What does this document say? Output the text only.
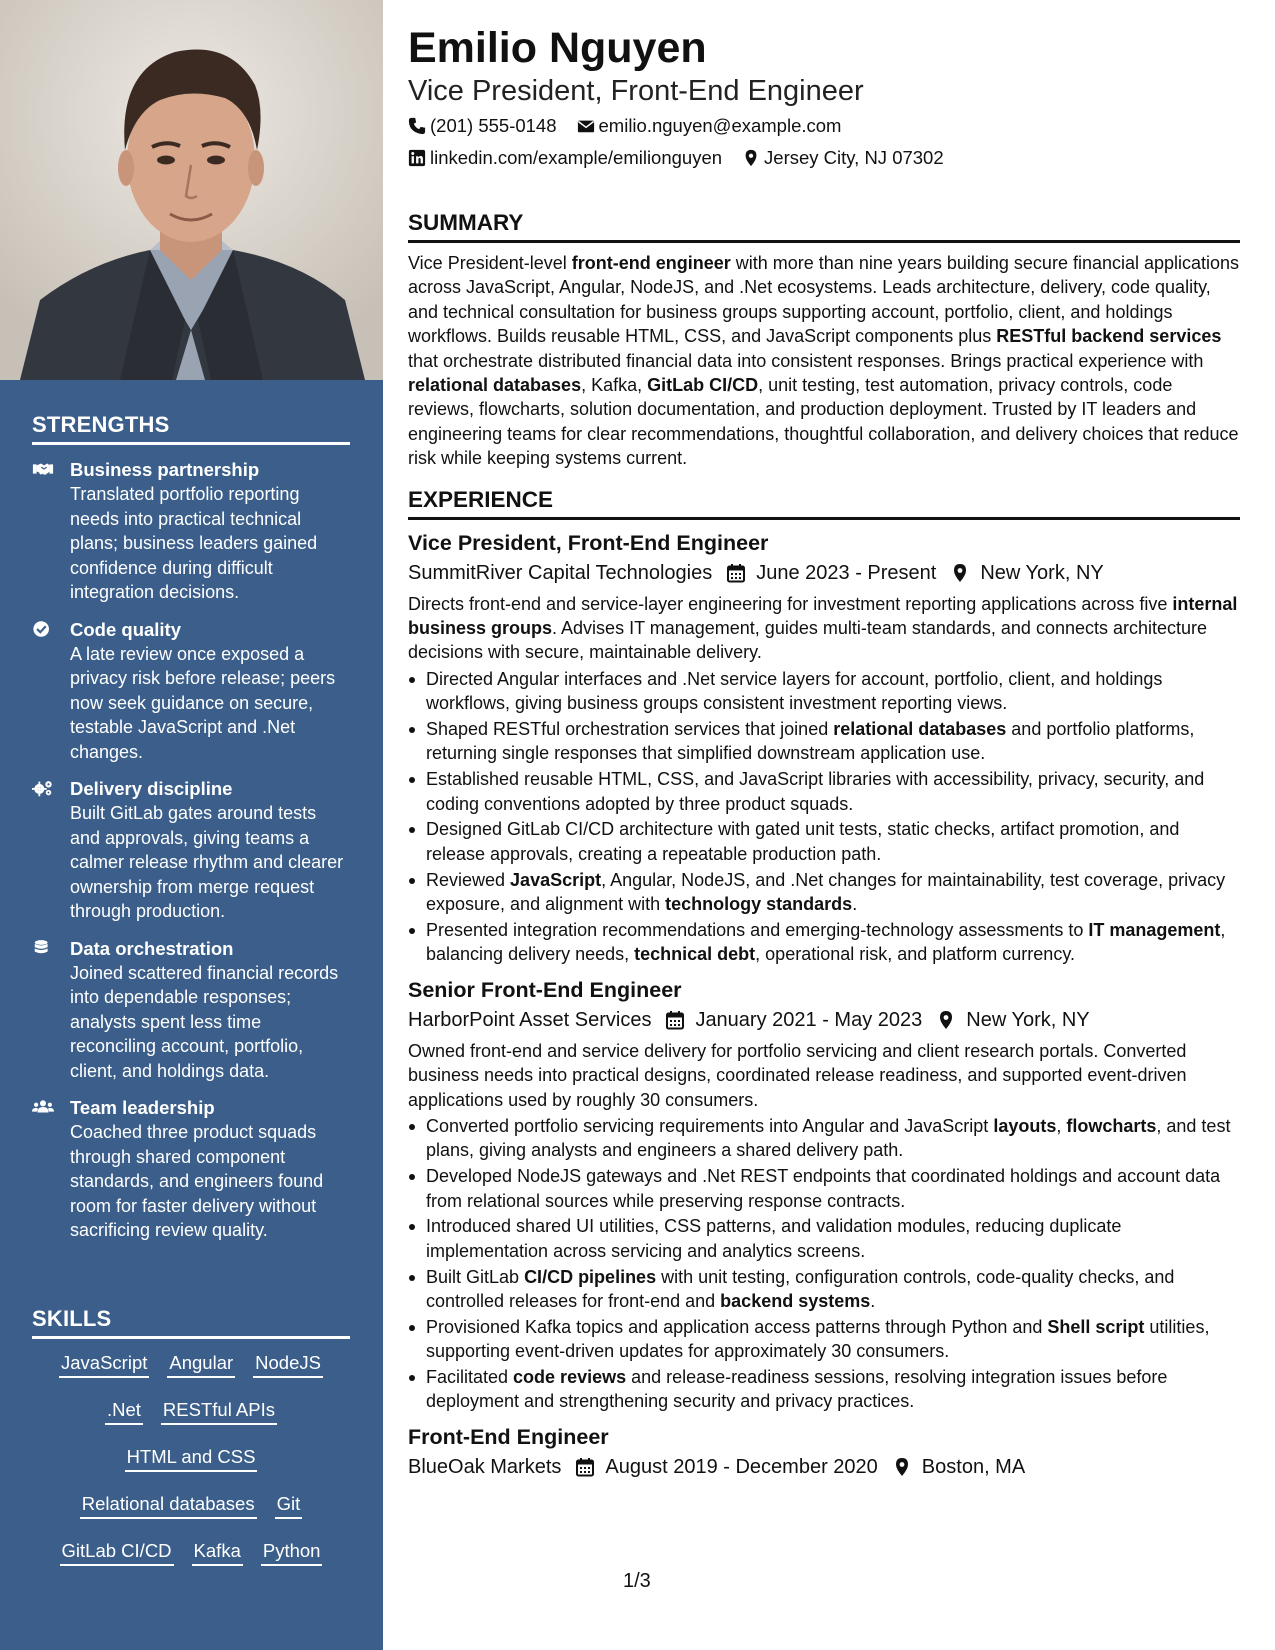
STRENGTHS
Business partnership
Translated portfolio reporting needs into practical technical plans; business leaders gained confidence during difficult integration decisions.
Code quality
A late review once exposed a privacy risk before release; peers now seek guidance on secure, testable JavaScript and .Net changes.
Delivery discipline
Built GitLab gates around tests and approvals, giving teams a calmer release rhythm and clearer ownership from merge request through production.
Data orchestration
Joined scattered financial records into dependable responses; analysts spent less time reconciling account, portfolio, client, and holdings data.
Team leadership
Coached three product squads through shared component standards, and engineers found room for faster delivery without sacrificing review quality.
SKILLS
JavaScript Angular NodeJS
.Net RESTful APIs
HTML and CSS
Relational databases Git
GitLab CI/CD Kafka Python
Emilio Nguyen
Vice President, Front-End Engineer
(201) 555-0148 emilio.nguyen@example.com
linkedin.com/example/emilionguyen Jersey City, NJ 07302
SUMMARY
Vice President-level front-end engineer with more than nine years building secure financial applications across JavaScript, Angular, NodeJS, and .Net ecosystems. Leads architecture, delivery, code quality, and technical consultation for business groups supporting account, portfolio, client, and holdings workflows. Builds reusable HTML, CSS, and JavaScript components plus RESTful backend services that orchestrate distributed financial data into consistent responses. Brings practical experience with relational databases, Kafka, GitLab CI/CD, unit testing, test automation, privacy controls, code reviews, flowcharts, solution documentation, and production deployment. Trusted by IT leaders and engineering teams for clear recommendations, thoughtful collaboration, and delivery choices that reduce risk while keeping systems current.
EXPERIENCE
Vice President, Front-End Engineer
SummitRiver Capital Technologies June 2023 - Present New York, NY
Directs front-end and service-layer engineering for investment reporting applications across five internal business groups. Advises IT management, guides multi-team standards, and connects architecture decisions with secure, maintainable delivery.
Directed Angular interfaces and .Net service layers for account, portfolio, client, and holdings workflows, giving business groups consistent investment reporting views.
Shaped RESTful orchestration services that joined relational databases and portfolio platforms, returning single responses that simplified downstream application use.
Established reusable HTML, CSS, and JavaScript libraries with accessibility, privacy, security, and coding conventions adopted by three product squads.
Designed GitLab CI/CD architecture with gated unit tests, static checks, artifact promotion, and release approvals, creating a repeatable production path.
Reviewed JavaScript, Angular, NodeJS, and .Net changes for maintainability, test coverage, privacy exposure, and alignment with technology standards.
Presented integration recommendations and emerging-technology assessments to IT management, balancing delivery needs, technical debt, operational risk, and platform currency.
Senior Front-End Engineer
HarborPoint Asset Services January 2021 - May 2023 New York, NY
Owned front-end and service delivery for portfolio servicing and client research portals. Converted business needs into practical designs, coordinated release readiness, and supported event-driven applications used by roughly 30 consumers.
Converted portfolio servicing requirements into Angular and JavaScript layouts, flowcharts, and test plans, giving analysts and engineers a shared delivery path.
Developed NodeJS gateways and .Net REST endpoints that coordinated holdings and account data from relational sources while preserving response contracts.
Introduced shared UI utilities, CSS patterns, and validation modules, reducing duplicate implementation across servicing and analytics screens.
Built GitLab CI/CD pipelines with unit testing, configuration controls, code-quality checks, and controlled releases for front-end and backend systems.
Provisioned Kafka topics and application access patterns through Python and Shell script utilities, supporting event-driven updates for approximately 30 consumers.
Facilitated code reviews and release-readiness sessions, resolving integration issues before deployment and strengthening security and privacy practices.
Front-End Engineer
BlueOak Markets August 2019 - December 2020 Boston, MA
1/3
